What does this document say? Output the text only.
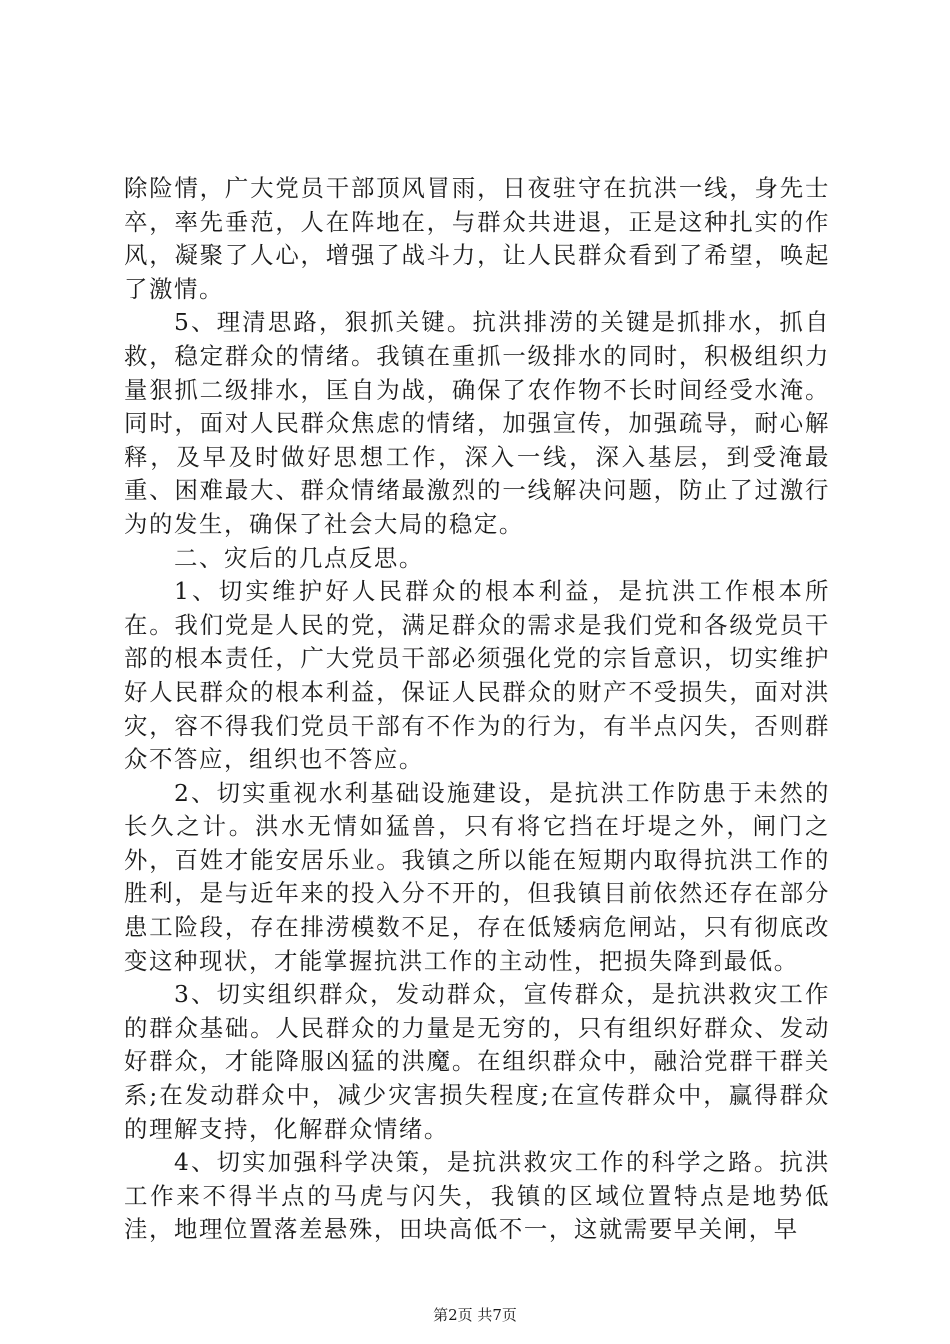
除险情，广大党员干部顶风冒雨，日夜驻守在抗洪一线，身先士卒，率先垂范，人在阵地在，与群众共进退，正是这种扎实的作风，凝聚了人心，增强了战斗力，让人民群众看到了希望，唤起了激情。

5、理清思路，狠抓关键。抗洪排涝的关键是抓排水，抓自救，稳定群众的情绪。我镇在重抓一级排水的同时，积极组织力量狠抓二级排水，匡自为战，确保了农作物不长时间经受水淹。同时，面对人民群众焦虑的情绪，加强宣传，加强疏导，耐心解释，及早及时做好思想工作，深入一线，深入基层，到受淹最重、困难最大、群众情绪最激烈的一线解决问题，防止了过激行为的发生，确保了社会大局的稳定。

二、灾后的几点反思。

1、切实维护好人民群众的根本利益，是抗洪工作根本所在。我们党是人民的党，满足群众的需求是我们党和各级党员干部的根本责任，广大党员干部必须强化党的宗旨意识，切实维护好人民群众的根本利益，保证人民群众的财产不受损失，面对洪灾，容不得我们党员干部有不作为的行为，有半点闪失，否则群众不答应，组织也不答应。

2、切实重视水利基础设施建设，是抗洪工作防患于未然的长久之计。洪水无情如猛兽，只有将它挡在圩堤之外，闸门之外，百姓才能安居乐业。我镇之所以能在短期内取得抗洪工作的胜利，是与近年来的投入分不开的，但我镇目前依然还存在部分患工险段，存在排涝模数不足，存在低矮病危闸站，只有彻底改变这种现状，才能掌握抗洪工作的主动性，把损失降到最低。

3、切实组织群众，发动群众，宣传群众，是抗洪救灾工作的群众基础。人民群众的力量是无穷的，只有组织好群众、发动好群众，才能降服凶猛的洪魔。在组织群众中，融洽党群干群关系;在发动群众中，减少灾害损失程度;在宣传群众中，赢得群众的理解支持，化解群众情绪。

4、切实加强科学决策，是抗洪救灾工作的科学之路。抗洪工作来不得半点的马虎与闪失，我镇的区域位置特点是地势低洼，地理位置落差悬殊，田块高低不一，这就需要早关闸，早

第2页 共7页
